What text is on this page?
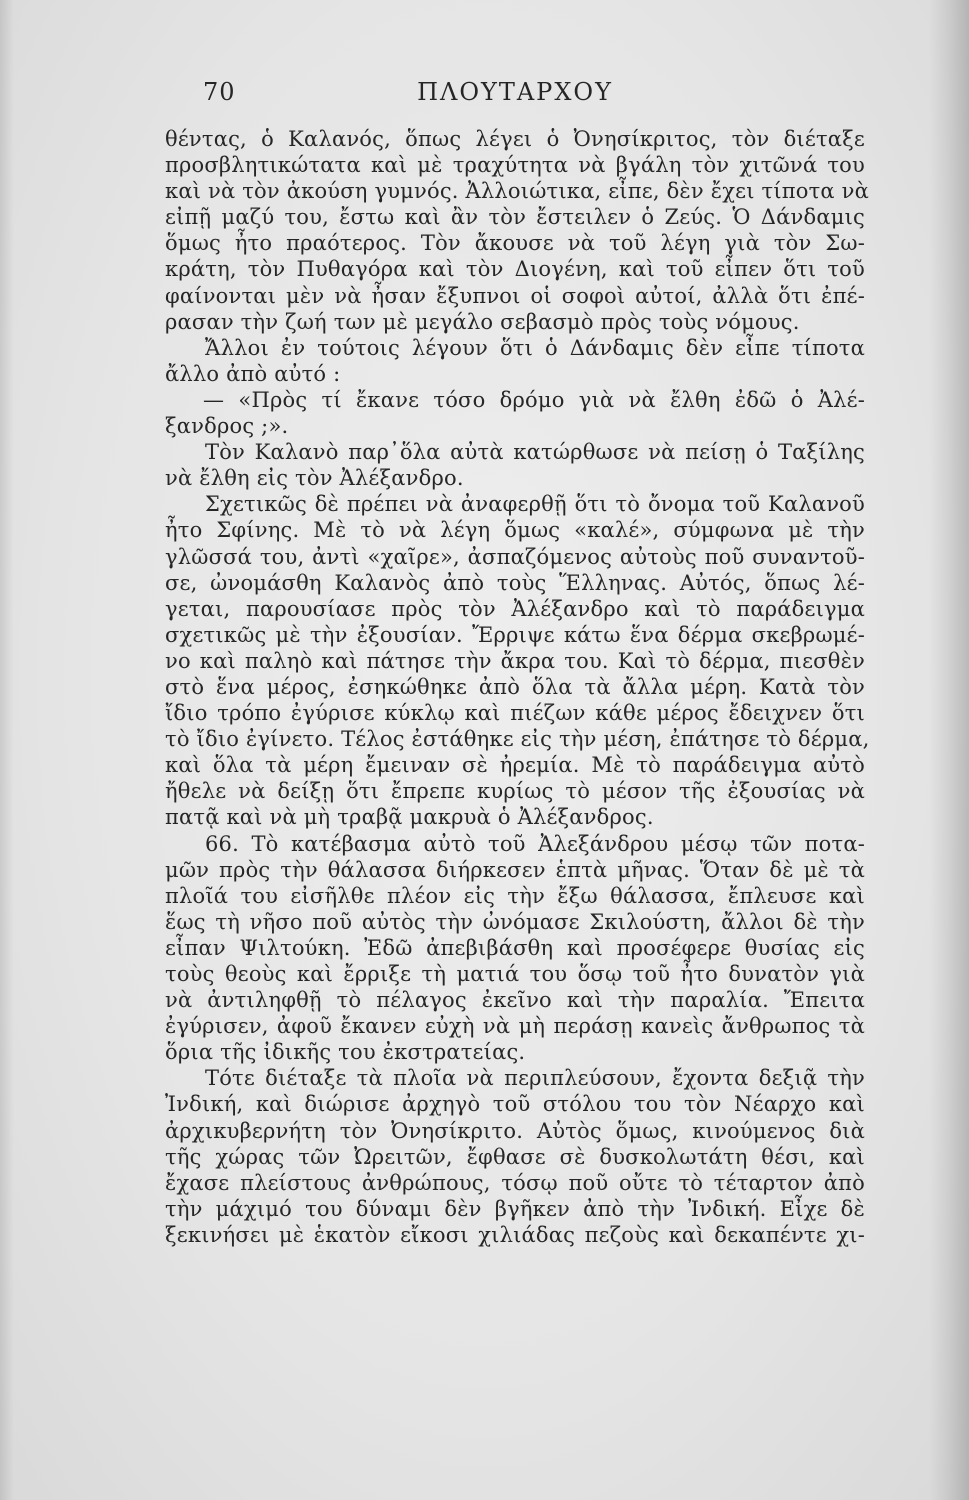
ΠΛΟΥΤΑΡΧΟΥ
70
θέντας, ὁ Καλανός, ὅπως λέγει ὁ Ὀνησίκριτος, τὸν διέταξε
προσβλητικώτατα καὶ μὲ τραχύτητα νὰ βγάλη τὸν χιτῶνά του
καὶ νὰ τὸν ἀκούση γυμνός. Ἀλλοιώτικα, εἶπε, δὲν ἔχει τίποτα νὰ
εἰπῇ μαζύ του, ἔστω καὶ ἂν τὸν ἔστειλεν ὁ Ζεύς. Ὁ Δάνδαμις
ὅμως ἦτο πραότερος. Τὸν ἄκουσε νὰ τοῦ λέγη γιὰ τὸν Σω-
κράτη, τὸν Πυθαγόρα καὶ τὸν Διογένη, καὶ τοῦ εἶπεν ὅτι τοῦ
φαίνονται μὲν νὰ ἦσαν ἔξυπνοι οἱ σοφοὶ αὐτοί, ἀλλὰ ὅτι ἐπέ-
ρασαν τὴν ζωή των μὲ μεγάλο σεβασμὸ πρὸς τοὺς νόμους.
Ἄλλοι ἐν τούτοις λέγουν ὅτι ὁ Δάνδαμις δὲν εἶπε τίποτα
ἄλλο ἀπὸ αὐτό :
— «Πρὸς τί ἔκανε τόσο δρόμο γιὰ νὰ ἔλθη ἐδῶ ὁ Ἀλέ-
ξανδρος ;».
Τὸν Καλανὸ παρ᾿ὅλα αὐτὰ κατώρθωσε νὰ πείσῃ ὁ Ταξίλης
νὰ ἔλθη εἰς τὸν Ἀλέξανδρο.
Σχετικῶς δὲ πρέπει νὰ ἀναφερθῇ ὅτι τὸ ὄνομα τοῦ Καλανοῦ
ἦτο Σφίνης. Μὲ τὸ νὰ λέγη ὅμως «καλέ», σύμφωνα μὲ τὴν
γλῶσσά του, ἀντὶ «χαῖρε», ἀσπαζόμενος αὐτοὺς ποῦ συναντοῦ-
σε, ὠνομάσθη Καλανὸς ἀπὸ τοὺς Ἕλληνας. Αὐτός, ὅπως λέ-
γεται, παρουσίασε πρὸς τὸν Ἀλέξανδρο καὶ τὸ παράδειγμα
σχετικῶς μὲ τὴν ἐξουσίαν. Ἔρριψε κάτω ἕνα δέρμα σκεβρωμέ-
νο καὶ παληὸ καὶ πάτησε τὴν ἄκρα του. Καὶ τὸ δέρμα, πιεσθὲν
στὸ ἕνα μέρος, ἐσηκώθηκε ἀπὸ ὅλα τὰ ἄλλα μέρη. Κατὰ τὸν
ἴδιο τρόπο ἐγύρισε κύκλῳ καὶ πιέζων κάθε μέρος ἔδειχνεν ὅτι
τὸ ἴδιο ἐγίνετο. Τέλος ἐστάθηκε εἰς τὴν μέση, ἐπάτησε τὸ δέρμα,
καὶ ὅλα τὰ μέρη ἔμειναν σὲ ἠρεμία. Μὲ τὸ παράδειγμα αὐτὸ
ἤθελε νὰ δείξῃ ὅτι ἔπρεπε κυρίως τὸ μέσον τῆς ἐξουσίας νὰ
πατᾷ καὶ νὰ μὴ τραβᾷ μακρυὰ ὁ Ἀλέξανδρος.
66. Τὸ κατέβασμα αὐτὸ τοῦ Ἀλεξάνδρου μέσῳ τῶν ποτα-
μῶν πρὸς τὴν θάλασσα διήρκεσεν ἑπτὰ μῆνας. Ὅταν δὲ μὲ τὰ
πλοῖά του εἰσῆλθε πλέον εἰς τὴν ἔξω θάλασσα, ἔπλευσε καὶ
ἕως τὴ νῆσο ποῦ αὐτὸς τὴν ὠνόμασε Σκιλούστη, ἄλλοι δὲ τὴν
εἶπαν Ψιλτούκη. Ἐδῶ ἀπεβιβάσθη καὶ προσέφερε θυσίας εἰς
τοὺς θεοὺς καὶ ἔρριξε τὴ ματιά του ὅσῳ τοῦ ἦτο δυνατὸν γιὰ
νὰ ἀντιληφθῇ τὸ πέλαγος ἐκεῖνο καὶ τὴν παραλία. Ἔπειτα
ἐγύρισεν, ἀφοῦ ἔκανεν εὐχὴ νὰ μὴ περάσῃ κανεὶς ἄνθρωπος τὰ
ὅρια τῆς ἰδικῆς του ἐκστρατείας.
Τότε διέταξε τὰ πλοῖα νὰ περιπλεύσουν, ἔχοντα δεξιᾷ τὴν
Ἰνδική, καὶ διώρισε ἀρχηγὸ τοῦ στόλου του τὸν Νέαρχο καὶ
ἀρχικυβερνήτη τὸν Ὀνησίκριτο. Αὐτὸς ὅμως, κινούμενος διὰ
τῆς χώρας τῶν Ὠρειτῶν, ἔφθασε σὲ δυσκολωτάτη θέσι, καὶ
ἔχασε πλείστους ἀνθρώπους, τόσῳ ποῦ οὔτε τὸ τέταρτον ἀπὸ
τὴν μάχιμό του δύναμι δὲν βγῆκεν ἀπὸ τὴν Ἰνδική. Εἶχε δὲ
ξεκινήσει μὲ ἑκατὸν εἴκοσι χιλιάδας πεζοὺς καὶ δεκαπέντε χι-
